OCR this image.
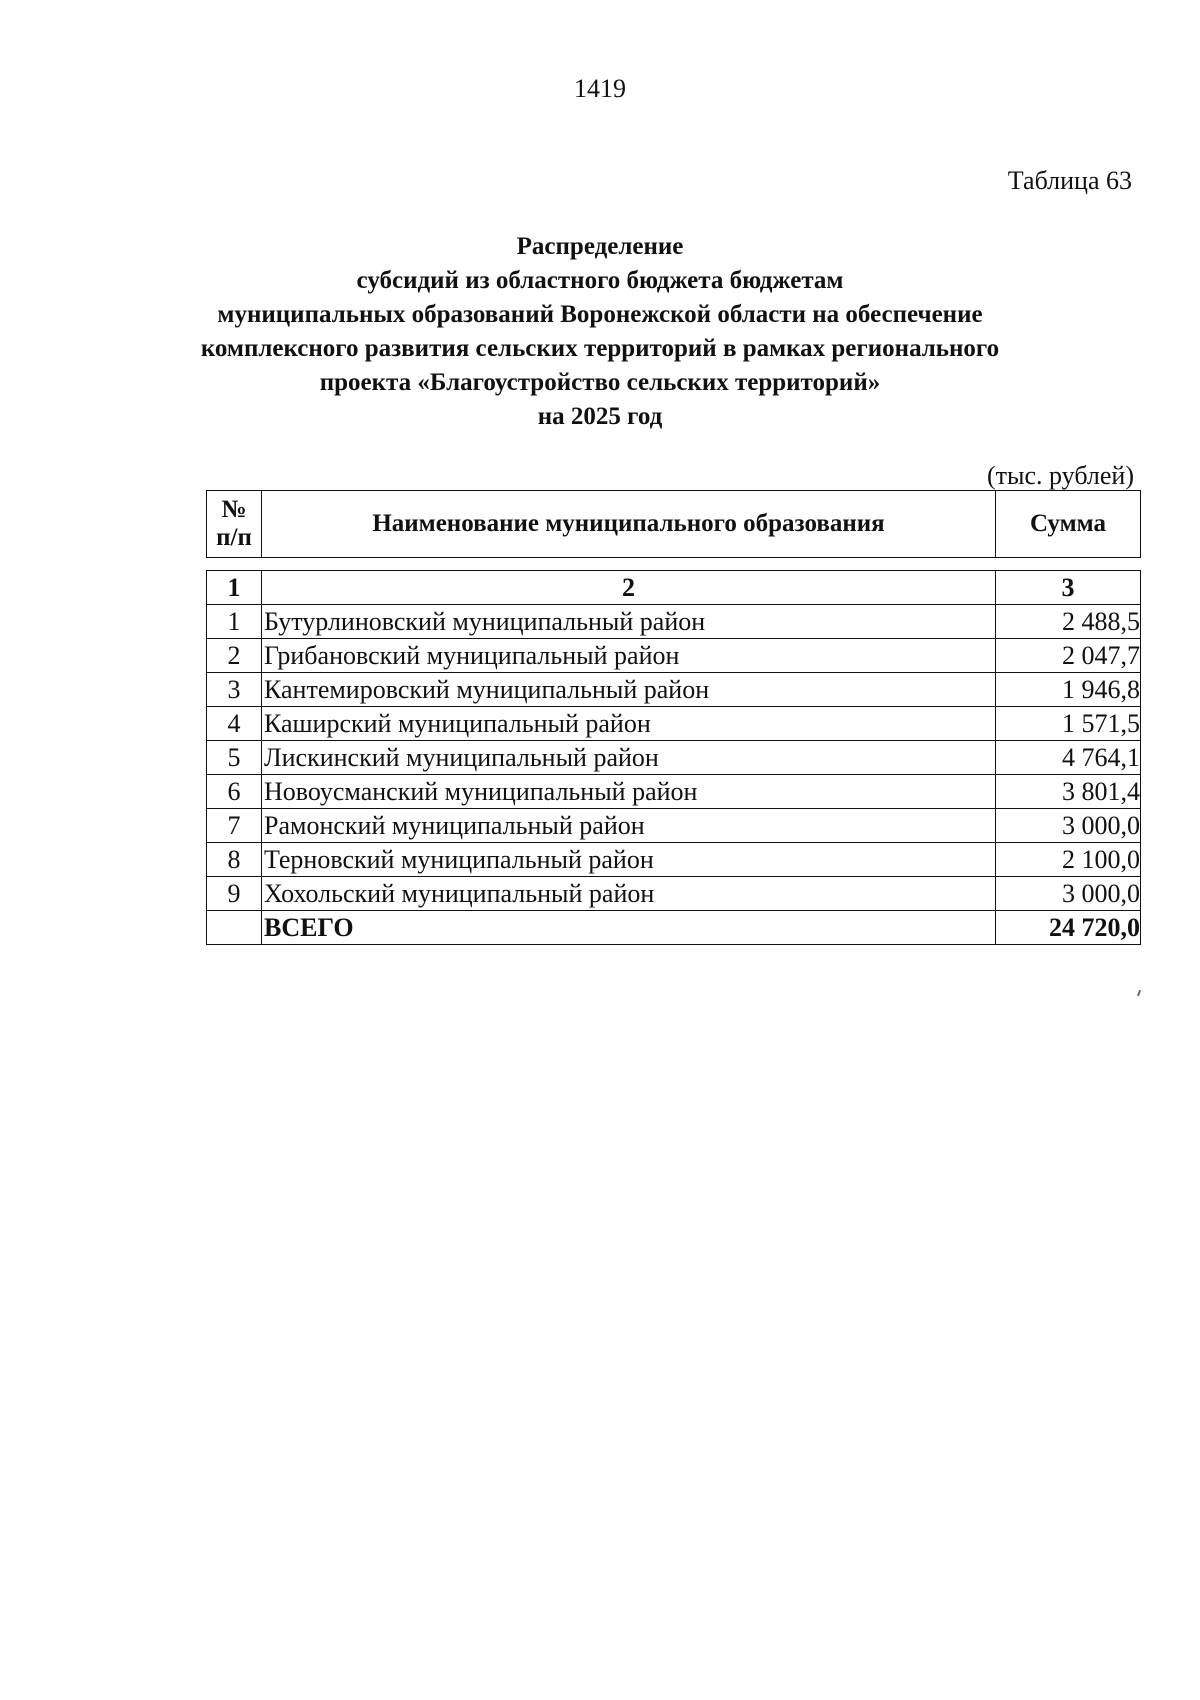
1419
Таблица 63
Распределение
субсидий из областного бюджета бюджетам
муниципальных образований Воронежской области на обеспечение
комплексного развития сельских территорий в рамках регионального
проекта «Благоустройство сельских территорий»
на 2025 год
(тыс. рублей)
№
п/п	Наименование муниципального образования	Сумма
1	2	3
1	Бутурлиновский муниципальный район	2 488,5
2	Грибановский муниципальный район	2 047,7
3	Кантемировский муниципальный район	1 946,8
4	Каширский муниципальный район	1 571,5
5	Лискинский муниципальный район	4 764,1
6	Новоусманский муниципальный район	3 801,4
7	Рамонский муниципальный район	3 000,0
8	Терновский муниципальный район	2 100,0
9	Хохольский муниципальный район	3 000,0
	ВСЕГО	24 720,0
